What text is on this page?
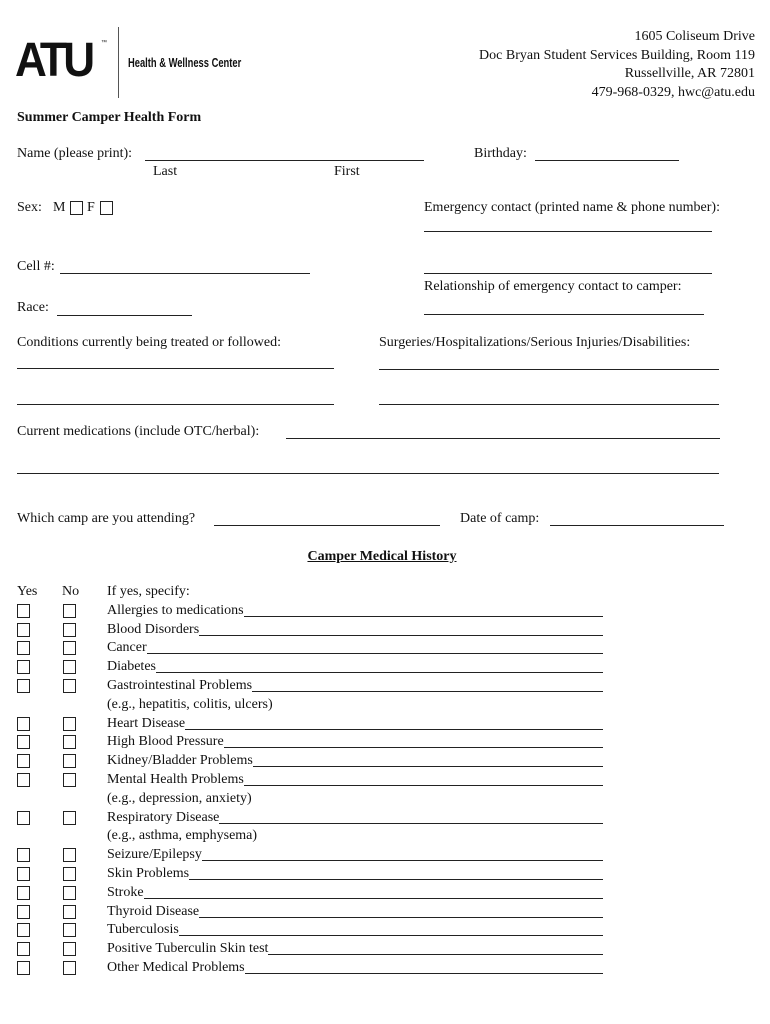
ATU ™
Health & Wellness Center
1605 Coliseum Drive
Doc Bryan Student Services Building, Room 119
Russellville, AR 72801
479-968-0329, hwc@atu.edu
Summer Camper Health Form
Name (please print):
Last	First
Birthday:
Sex: M F	Emergency contact (printed name & phone number):
Cell #:
Relationship of emergency contact to camper:
Race:
Conditions currently being treated or followed:	Surgeries/Hospitalizations/Serious Injuries/Disabilities:
Current medications (include OTC/herbal):
Which camp are you attending?	Date of camp:
Camper Medical History
Yes No If yes, specify:
Allergies to medications
Blood Disorders
Cancer
Diabetes
Gastrointestinal Problems
(e.g., hepatitis, colitis, ulcers)
Heart Disease
High Blood Pressure
Kidney/Bladder Problems
Mental Health Problems
(e.g., depression, anxiety)
Respiratory Disease
(e.g., asthma, emphysema)
Seizure/Epilepsy
Skin Problems
Stroke
Thyroid Disease
Tuberculosis
Positive Tuberculin Skin test
Other Medical Problems
